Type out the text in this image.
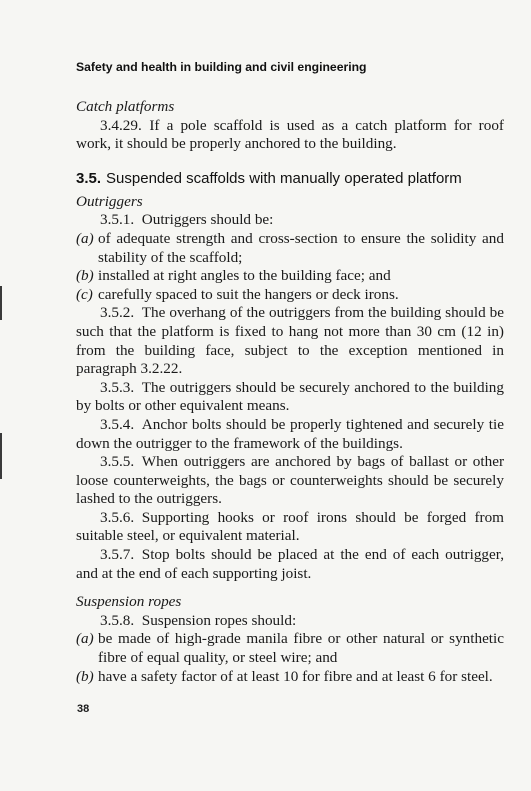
Safety and health in building and civil engineering
Catch platforms

3.4.29. If a pole scaffold is used as a catch platform for roof work, it should be properly anchored to the building.

3.5. Suspended scaffolds with manually operated platform
Outriggers

3.5.1. Outriggers should be:

(a) of adequate strength and cross-section to ensure the solidity and stability of the scaffold;
(b) installed at right angles to the building face; and
(c) carefully spaced to suit the hangers or deck irons.

3.5.2. The overhang of the outriggers from the building should be such that the platform is fixed to hang not more than 30 cm (12 in) from the building face, subject to the exception mentioned in paragraph 3.2.22.

3.5.3. The outriggers should be securely anchored to the building by bolts or other equivalent means.

3.5.4. Anchor bolts should be properly tightened and securely tie down the outrigger to the framework of the buildings.

3.5.5. When outriggers are anchored by bags of ballast or other loose counterweights, the bags or counterweights should be securely lashed to the outriggers.

3.5.6. Supporting hooks or roof irons should be forged from suitable steel, or equivalent material.

3.5.7. Stop bolts should be placed at the end of each outrigger, and at the end of each supporting joist.

Suspension ropes

3.5.8. Suspension ropes should:

(a) be made of high-grade manila fibre or other natural or synthetic fibre of equal quality, or steel wire; and
(b) have a safety factor of at least 10 for fibre and at least 6 for steel.
38
